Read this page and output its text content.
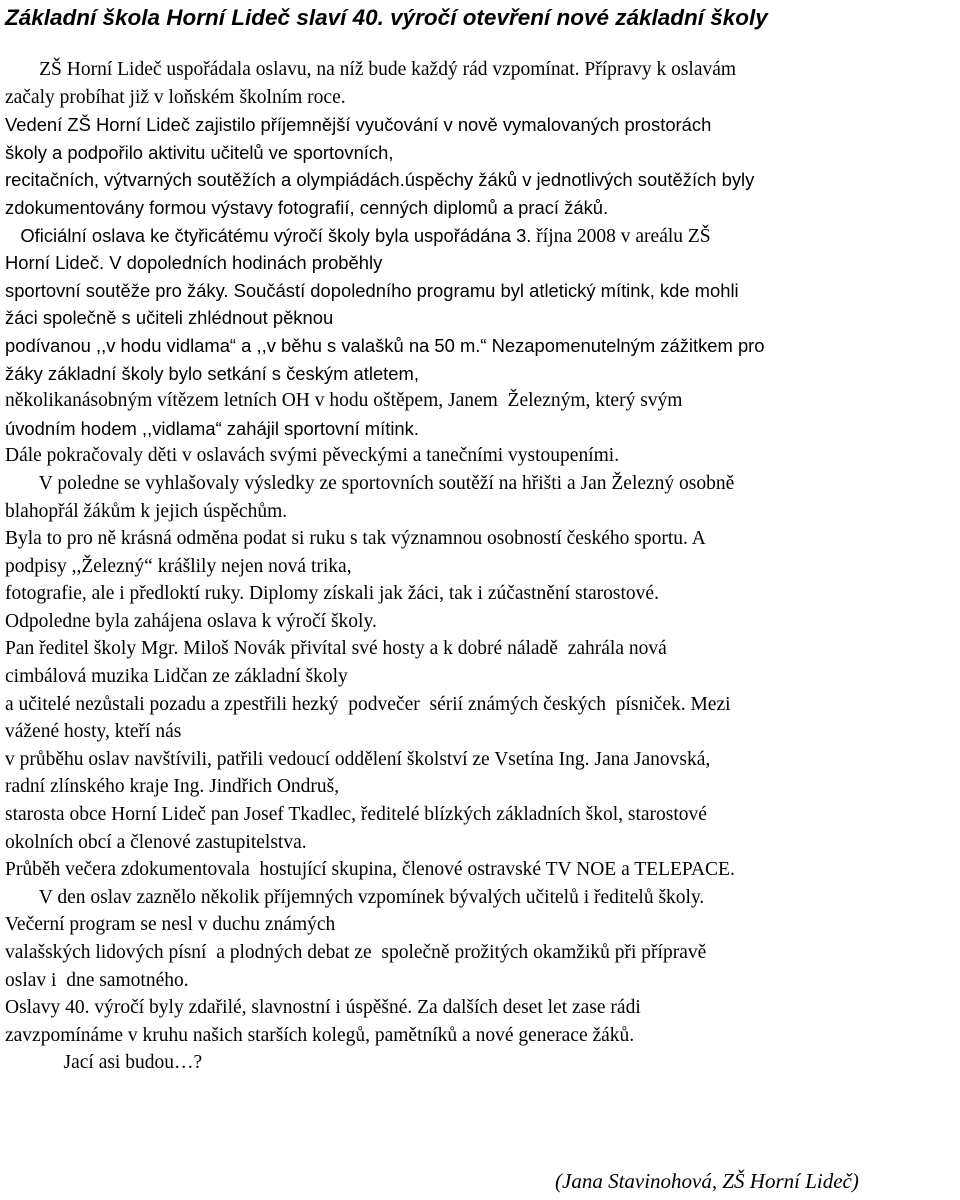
Základní škola Horní Lideč slaví 40. výročí otevření nové základní školy
ZŠ Horní Lideč uspořádala oslavu, na níž bude každý rád vzpomínat. Přípravy k oslavám
začaly probíhat již v loňském školním roce.
Vedení ZŠ Horní Lideč zajistilo příjemnější vyučování v nově vymalovaných prostorách
školy a podpořilo aktivitu učitelů ve sportovních,
recitačních, výtvarných soutěžích a olympiádách.úspěchy žáků v jednotlivých soutěžích byly
zdokumentovány formou výstavy fotografií, cenných diplomů a prací žáků.
Oficiální oslava ke čtyřicátému výročí školy byla uspořádána 3. října 2008 v areálu ZŠ
Horní Lideč. V dopoledních hodinách proběhly
sportovní soutěže pro žáky. Součástí dopoledního programu byl atletický mítink, kde mohli
žáci společně s učiteli zhlédnout pěknou
podívanou ,,v hodu vidlama“ a ,,v běhu s valašků na 50 m.“ Nezapomenutelným zážitkem pro
žáky základní školy bylo setkání s českým atletem,
několikanásobným vítězem letních OH v hodu oštěpem, Janem  Železným, který svým
úvodním hodem ,,vidlama“ zahájil sportovní mítink.
Dále pokračovaly děti v oslavách svými pěveckými a tanečními vystoupeními.
V poledne se vyhlašovaly výsledky ze sportovních soutěží na hřišti a Jan Železný osobně
blahopřál žákům k jejich úspěchům.
Byla to pro ně krásná odměna podat si ruku s tak významnou osobností českého sportu. A
podpisy ,,Železný“ krášlily nejen nová trika,
fotografie, ale i předloktí ruky. Diplomy získali jak žáci, tak i zúčastnění starostové.
Odpoledne byla zahájena oslava k výročí školy.
Pan ředitel školy Mgr. Miloš Novák přivítal své hosty a k dobré náladě  zahrála nová
cimbálová muzika Lidčan ze základní školy
a učitelé nezůstali pozadu a zpestřili hezký  podvečer  sérií známých českých  písniček. Mezi
vážené hosty, kteří nás
v průběhu oslav navštívili, patřili vedoucí oddělení školství ze Vsetína Ing. Jana Janovská,
radní zlínského kraje Ing. Jindřich Ondruš,
starosta obce Horní Lideč pan Josef Tkadlec, ředitelé blízkých základních škol, starostové
okolních obcí a členové zastupitelstva.
Průběh večera zdokumentovala  hostující skupina, členové ostravské TV NOE a TELEPACE.
V den oslav zaznělo několik příjemných vzpomínek bývalých učitelů i ředitelů školy.
Večerní program se nesl v duchu známých
valašských lidových písní  a plodných debat ze  společně prožitých okamžiků při přípravě
oslav i  dne samotného.
Oslavy 40. výročí byly zdařilé, slavnostní i úspěšné. Za dalších deset let zase rádi
zavzpomínáme v kruhu našich starších kolegů, pamětníků a nové generace žáků.
Jací asi budou…?
(Jana Stavinohová, ZŠ Horní Lideč)
